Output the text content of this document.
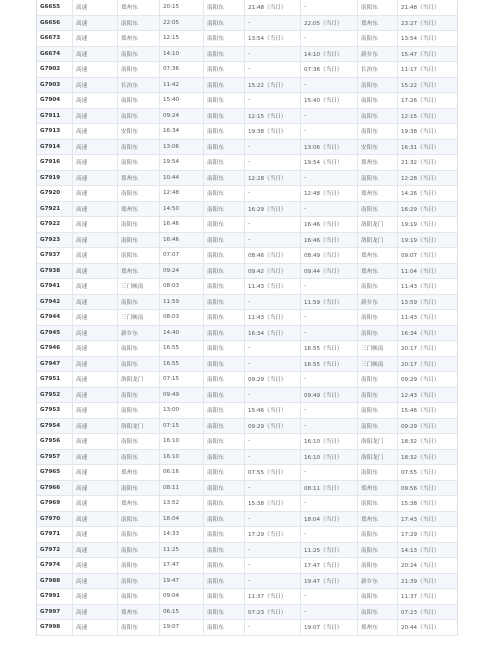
G6655	高速	郑州东	20:15	南阳东	21:48（当日）	-	南阳东	21:48（当日）
G6656	高速	南阳东	22:05	南阳东	-	22:05（当日）	郑州东	23:27（当日）
G6673	高速	郑州东	12:15	南阳东	13:54（当日）	-	南阳东	13:54（当日）
G6674	高速	南阳东	14:10	南阳东	-	14:10（当日）	新乡东	15:47（当日）
G7902	高速	南阳东	07:36	南阳东	-	07:36（当日）	长治东	11:17（当日）
G7903	高速	长治东	11:42	南阳东	15:22（当日）	-	南阳东	15:22（当日）
G7904	高速	南阳东	15:40	南阳东	-	15:40（当日）	南阳东	17:26（当日）
G7911	高速	南阳东	09:24	南阳东	12:15（当日）	-	南阳东	12:15（当日）
G7913	高速	安阳东	16:34	南阳东	19:38（当日）	-	南阳东	19:38（当日）
G7914	高速	南阳东	13:06	南阳东	-	13:06（当日）	安阳东	16:31（当日）
G7916	高速	南阳东	19:54	南阳东	-	19:54（当日）	郑州东	21:32（当日）
G7919	高速	郑州东	10:44	南阳东	12:28（当日）	-	南阳东	12:28（当日）
G7920	高速	南阳东	12:48	南阳东	-	12:48（当日）	郑州东	14:26（当日）
G7921	高速	郑州东	14:50	南阳东	16:29（当日）	-	南阳东	16:29（当日）
G7922	高速	南阳东	16:46	南阳东	-	16:46（当日）	洛阳龙门	19:19（当日）
G7923	高速	南阳东	16:46	南阳东	-	16:46（当日）	洛阳龙门	19:19（当日）
G7937	高速	南阳东	07:07	南阳东	08:46（当日）	08:49（当日）	郑州东	09:07（当日）
G7938	高速	郑州东	09:24	南阳东	09:42（当日）	09:44（当日）	郑州东	11:04（当日）
G7941	高速	三门峡南	08:03	南阳东	11:43（当日）	-	南阳东	11:43（当日）
G7942	高速	南阳东	11:59	南阳东	-	11:59（当日）	新乡东	13:59（当日）
G7944	高速	三门峡南	08:03	南阳东	11:43（当日）	-	南阳东	11:43（当日）
G7945	高速	新乡东	14:40	南阳东	16:34（当日）	-	南阳东	16:34（当日）
G7946	高速	南阳东	16:55	南阳东	-	16:55（当日）	三门峡南	20:17（当日）
G7947	高速	南阳东	16:55	南阳东	-	16:55（当日）	三门峡南	20:17（当日）
G7951	高速	洛阳龙门	07:15	南阳东	09:29（当日）	-	南阳东	09:29（当日）
G7952	高速	南阳东	09:49	南阳东	-	09:49（当日）	南阳东	12:43（当日）
G7953	高速	南阳东	13:00	南阳东	15:46（当日）	-	南阳东	15:46（当日）
G7954	高速	洛阳龙门	07:15	南阳东	09:29（当日）	-	南阳东	09:29（当日）
G7956	高速	南阳东	16:10	南阳东	-	16:10（当日）	洛阳龙门	18:32（当日）
G7957	高速	南阳东	16:10	南阳东	-	16:10（当日）	洛阳龙门	18:32（当日）
G7965	高速	郑州东	06:16	南阳东	07:55（当日）	-	南阳东	07:55（当日）
G7966	高速	南阳东	08:11	南阳东	-	08:11（当日）	郑州东	09:56（当日）
G7969	高速	郑州东	13:52	南阳东	15:38（当日）	-	南阳东	15:38（当日）
G7970	高速	南阳东	18:04	南阳东	-	18:04（当日）	郑州东	17:43（当日）
G7971	高速	南阳东	14:33	南阳东	17:29（当日）	-	南阳东	17:29（当日）
G7972	高速	南阳东	11:25	南阳东	-	11:25（当日）	南阳东	14:13（当日）
G7974	高速	南阳东	17:47	南阳东	-	17:47（当日）	南阳东	20:24（当日）
G7988	高速	南阳东	19:47	南阳东	-	19:47（当日）	新乡东	21:39（当日）
G7991	高速	南阳东	09:04	南阳东	11:37（当日）	-	南阳东	11:37（当日）
G7997	高速	郑州东	06:15	南阳东	07:23（当日）	-	南阳东	07:23（当日）
G7998	高速	南阳东	19:07	南阳东	-	19:07（当日）	郑州东	20:44（当日）
